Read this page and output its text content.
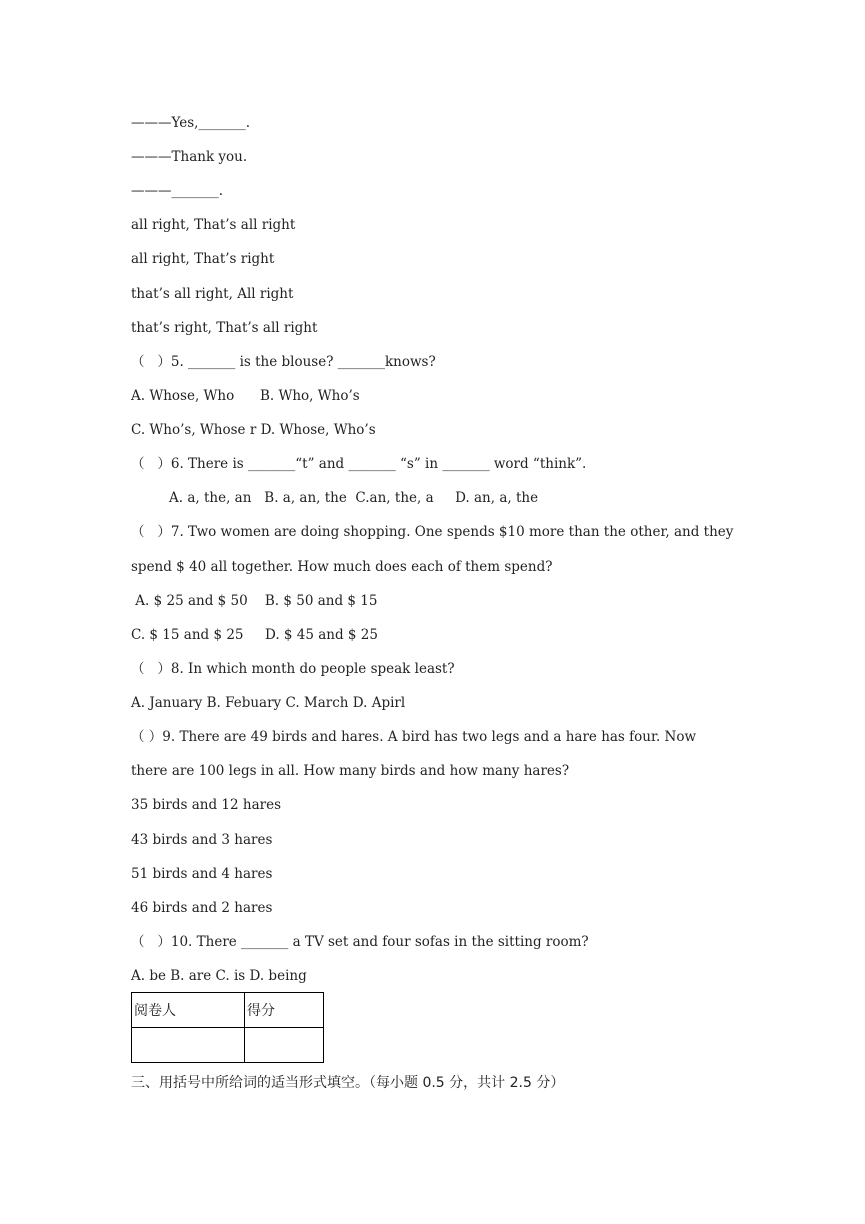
———Yes,_______.
———Thank you.
———_______.
all right, That’s all right
all right, That’s right
that’s all right, All right
that’s right, That’s all right
（   ）5. _______ is the blouse? _______knows?
A. Whose, Who      B. Who, Who’s
C. Who’s, Whose r D. Whose, Who’s
（   ）6. There is _______“t” and _______ “s” in _______ word “think”.
A. a, the, an   B. a, an, the  C.an, the, a     D. an, a, the
（   ）7. Two women are doing shopping. One spends $10 more than the other, and they
spend $ 40 all together. How much does each of them spend?
A. $ 25 and $ 50    B. $ 50 and $ 15
C. $ 15 and $ 25     D. $ 45 and $ 25
（   ）8. In which month do people speak least?
A. January B. Febuary C. March D. Apirl
（ ）9. There are 49 birds and hares. A bird has two legs and a hare has four. Now
there are 100 legs in all. How many birds and how many hares?
35 birds and 12 hares
43 birds and 3 hares
51 birds and 4 hares
46 birds and 2 hares
（   ）10. There _______ a TV set and four sofas in the sitting room?
A. be B. are C. is D. being
阅卷人	得分

三、用括号中所给词的适当形式填空。（每小题 0.5 分，共计 2.5 分）
